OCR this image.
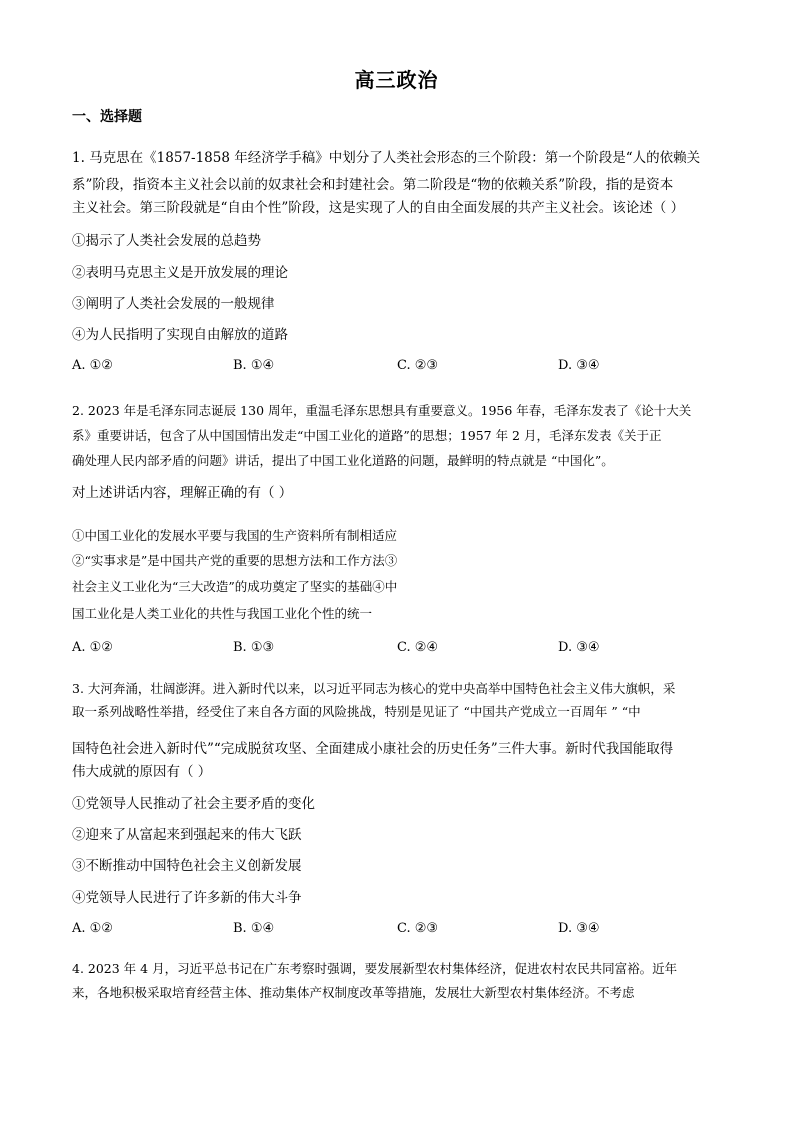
高三政治
一、选择题
1. 马克思在《1857-1858 年经济学手稿》中划分了人类社会形态的三个阶段：第一个阶段是“人的依赖关
系”阶段，指资本主义社会以前的奴隶社会和封建社会。第二阶段是“物的依赖关系”阶段，指的是资本
主义社会。第三阶段就是“自由个性”阶段，这是实现了人的自由全面发展的共产主义社会。该论述（ ）
①揭示了人类社会发展的总趋势
②表明马克思主义是开放发展的理论
③阐明了人类社会发展的一般规律
④为人民指明了实现自由解放的道路
A. ①②	B. ①④	C. ②③	D. ③④
2. 2023 年是毛泽东同志诞辰 130 周年，重温毛泽东思想具有重要意义。1956 年春，毛泽东发表了《论十大关
系》重要讲话，包含了从中国国情出发走“中国工业化的道路”的思想；1957 年 2 月，毛泽东发表《关于正
确处理人民内部矛盾的问题》讲话，提出了中国工业化道路的问题，最鲜明的特点就是 “中国化”。
对上述讲话内容，理解正确的有（ ）
①中国工业化的发展水平要与我国的生产资料所有制相适应
②“实事求是”是中国共产党的重要的思想方法和工作方法③
社会主义工业化为“三大改造”的成功奠定了坚实的基础④中
国工业化是人类工业化的共性与我国工业化个性的统一
A. ①②	B. ①③	C. ②④	D. ③④
3. 大河奔涌，壮阔澎湃。进入新时代以来，以习近平同志为核心的党中央高举中国特色社会主义伟大旗帜，采
取一系列战略性举措，经受住了来自各方面的风险挑战，特别是见证了 “中国共产党成立一百周年 ” “中
国特色社会进入新时代”“完成脱贫攻坚、全面建成小康社会的历史任务”三件大事。新时代我国能取得
伟大成就的原因有（ ）
①党领导人民推动了社会主要矛盾的变化
②迎来了从富起来到强起来的伟大飞跃
③不断推动中国特色社会主义创新发展
④党领导人民进行了许多新的伟大斗争
A. ①②	B. ①④	C. ②③	D. ③④
4. 2023 年 4 月，习近平总书记在广东考察时强调，要发展新型农村集体经济，促进农村农民共同富裕。近年
来，各地积极采取培育经营主体、推动集体产权制度改革等措施，发展壮大新型农村集体经济。不考虑
